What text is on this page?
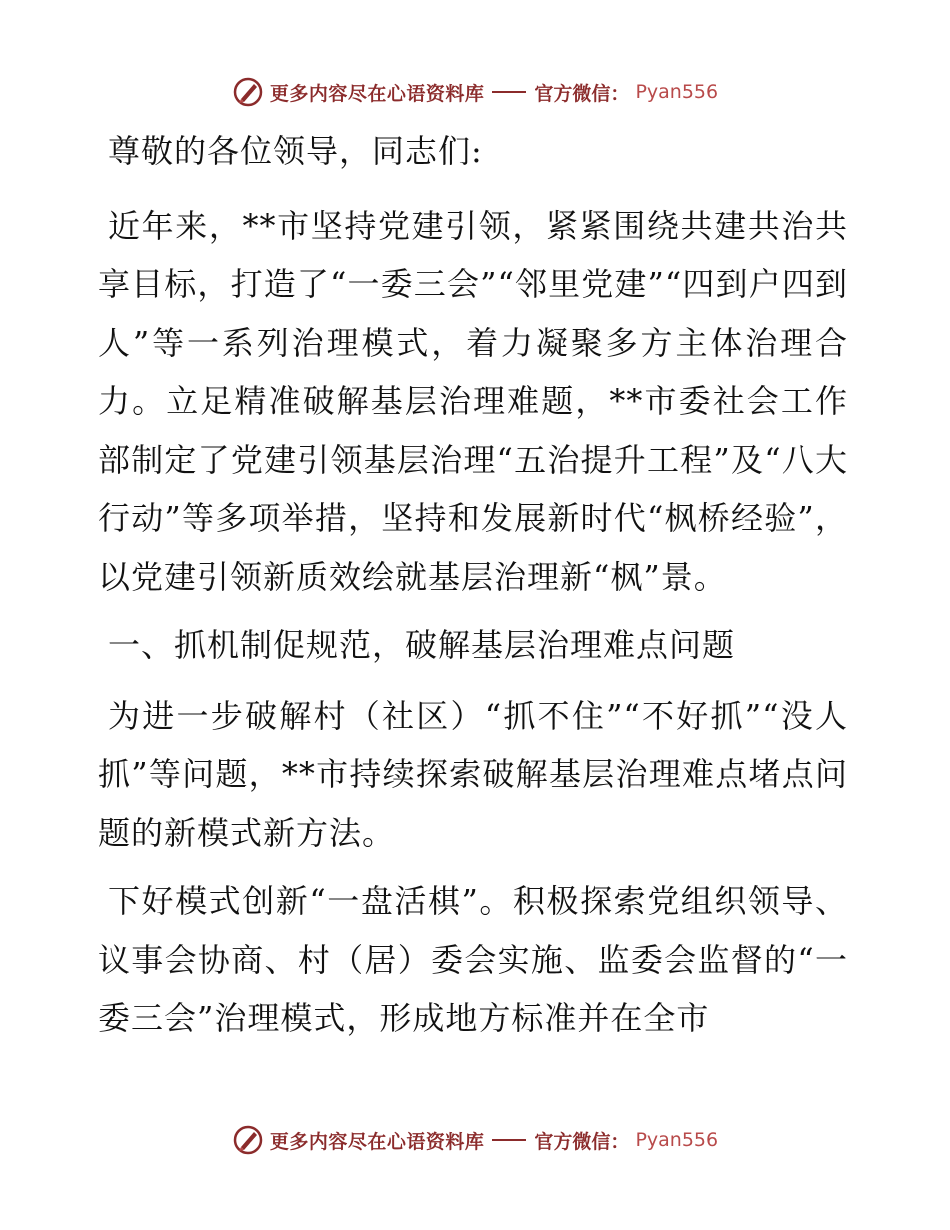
更多内容尽在心语资料库	官方微信： Pyan556

尊敬的各位领导，同志们:

近年来，**市坚持党建引领，紧紧围绕共建共治共享目标，打造了“一委三会”“邻里党建”“四到户四到人”等一系列治理模式，着力凝聚多方主体治理合力。立足精准破解基层治理难题，**市委社会工作部制定了党建引领基层治理“五治提升工程”及“八大行动”等多项举措，坚持和发展新时代“枫桥经验”，以党建引领新质效绘就基层治理新“枫”景。

一、抓机制促规范，破解基层治理难点问题

为进一步破解村（社区）“抓不住”“不好抓”“没人抓”等问题，**市持续探索破解基层治理难点堵点问题的新模式新方法。

下好模式创新“一盘活棋”。积极探索党组织领导、议事会协商、村（居）委会实施、监委会监督的“一委三会”治理模式，形成地方标准并在全市

更多内容尽在心语资料库	官方微信： Pyan556
